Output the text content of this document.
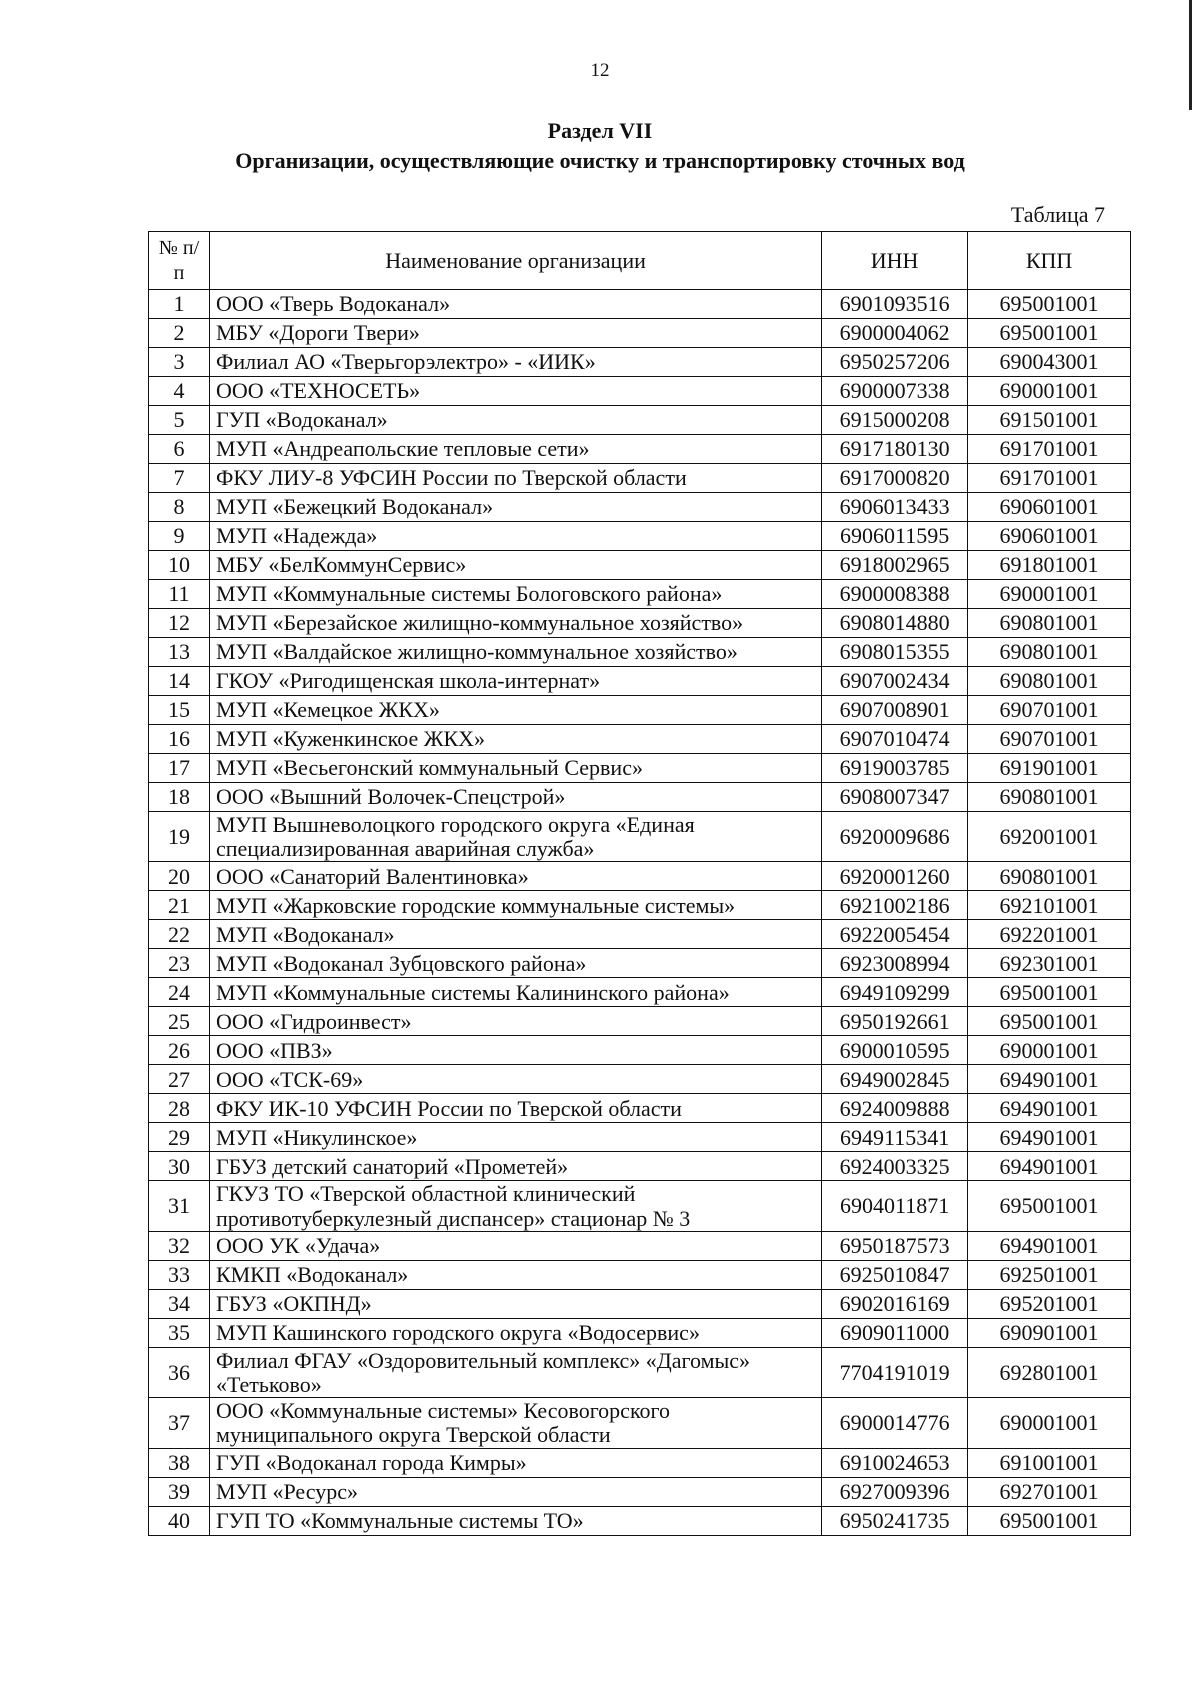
12
Раздел VII
Организации, осуществляющие очистку и транспортировку сточных вод
Таблица 7
№ п/п	Наименование организации	ИНН	КПП
1	ООО «Тверь Водоканал»	6901093516	695001001
2	МБУ «Дороги Твери»	6900004062	695001001
3	Филиал АО «Тверьгорэлектро» - «ИИК»	6950257206	690043001
4	ООО «ТЕХНОСЕТЬ»	6900007338	690001001
5	ГУП «Водоканал»	6915000208	691501001
6	МУП «Андреапольские тепловые сети»	6917180130	691701001
7	ФКУ ЛИУ-8 УФСИН России по Тверской области	6917000820	691701001
8	МУП «Бежецкий Водоканал»	6906013433	690601001
9	МУП «Надежда»	6906011595	690601001
10	МБУ «БелКоммунСервис»	6918002965	691801001
11	МУП «Коммунальные системы Бологовского района»	6900008388	690001001
12	МУП «Березайское жилищно-коммунальное хозяйство»	6908014880	690801001
13	МУП «Валдайское жилищно-коммунальное хозяйство»	6908015355	690801001
14	ГКОУ «Ригодищенская школа-интернат»	6907002434	690801001
15	МУП «Кемецкое ЖКХ»	6907008901	690701001
16	МУП «Куженкинское ЖКХ»	6907010474	690701001
17	МУП «Весьегонский коммунальный Сервис»	6919003785	691901001
18	ООО «Вышний Волочек-Спецстрой»	6908007347	690801001
19	МУП Вышневолоцкого городского округа «Единая специализированная аварийная служба»	6920009686	692001001
20	ООО «Санаторий Валентиновка»	6920001260	690801001
21	МУП «Жарковские городские коммунальные системы»	6921002186	692101001
22	МУП «Водоканал»	6922005454	692201001
23	МУП «Водоканал Зубцовского района»	6923008994	692301001
24	МУП «Коммунальные системы Калининского района»	6949109299	695001001
25	ООО «Гидроинвест»	6950192661	695001001
26	ООО «ПВЗ»	6900010595	690001001
27	ООО «ТСК-69»	6949002845	694901001
28	ФКУ ИК-10 УФСИН России по Тверской области	6924009888	694901001
29	МУП «Никулинское»	6949115341	694901001
30	ГБУЗ детский санаторий «Прометей»	6924003325	694901001
31	ГКУЗ ТО «Тверской областной клинический противотуберкулезный диспансер» стационар № 3	6904011871	695001001
32	ООО УК «Удача»	6950187573	694901001
33	КМКП «Водоканал»	6925010847	692501001
34	ГБУЗ «ОКПНД»	6902016169	695201001
35	МУП Кашинского городского округа «Водосервис»	6909011000	690901001
36	Филиал ФГАУ «Оздоровительный комплекс» «Дагомыс» «Тетьково»	7704191019	692801001
37	ООО «Коммунальные системы» Кесовогорского муниципального округа Тверской области	6900014776	690001001
38	ГУП «Водоканал города Кимры»	6910024653	691001001
39	МУП «Ресурс»	6927009396	692701001
40	ГУП ТО «Коммунальные системы ТО»	6950241735	695001001
